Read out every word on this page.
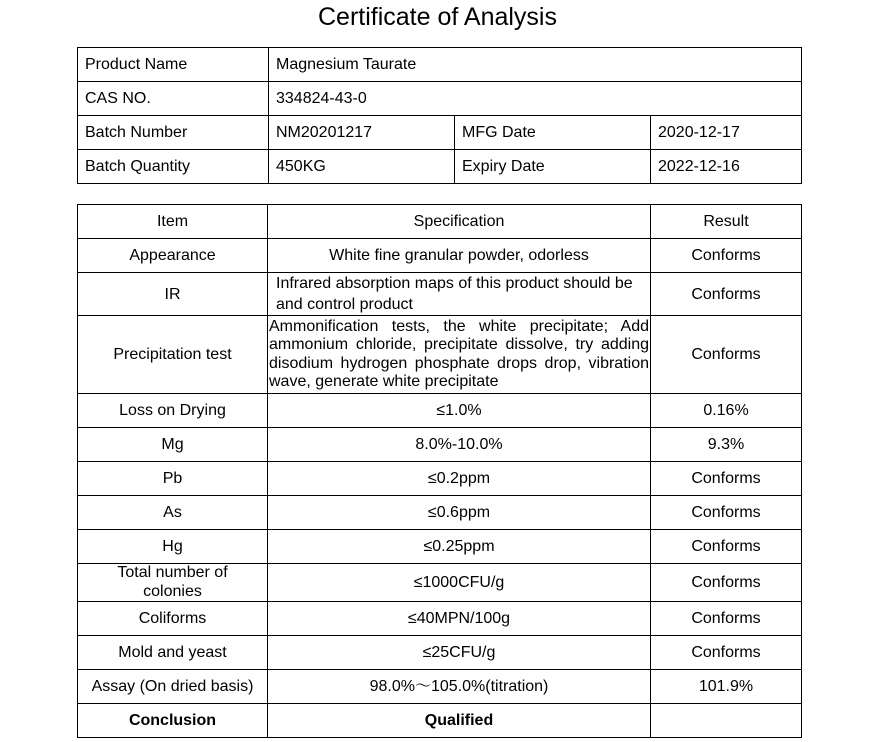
Certificate of Analysis
Product Name	Magnesium Taurate		
CAS NO.	334824-43-0		
Batch Number	NM20201217	MFG Date	2020-12-17
Batch Quantity	450KG	Expiry Date	2022-12-16
Item	Specification	Result
Appearance	White fine granular powder, odorless	Conforms
IR	Infrared absorption maps of this product should be and control product	Conforms
Precipitation test	Ammonification tests, the white precipitate; Add ammonium chloride, precipitate dissolve, try adding disodium hydrogen phosphate drops drop, vibration wave, generate white precipitate	Conforms
Loss on Drying	≤1.0%	0.16%
Mg	8.0%-10.0%	9.3%
Pb	≤0.2ppm	Conforms
As	≤0.6ppm	Conforms
Hg	≤0.25ppm	Conforms
Total number of colonies	≤1000CFU/g	Conforms
Coliforms	≤40MPN/100g	Conforms
Mold and yeast	≤25CFU/g	Conforms
Assay (On dried basis)	98.0%～105.0%(titration)	101.9%
Conclusion	Qualified	
